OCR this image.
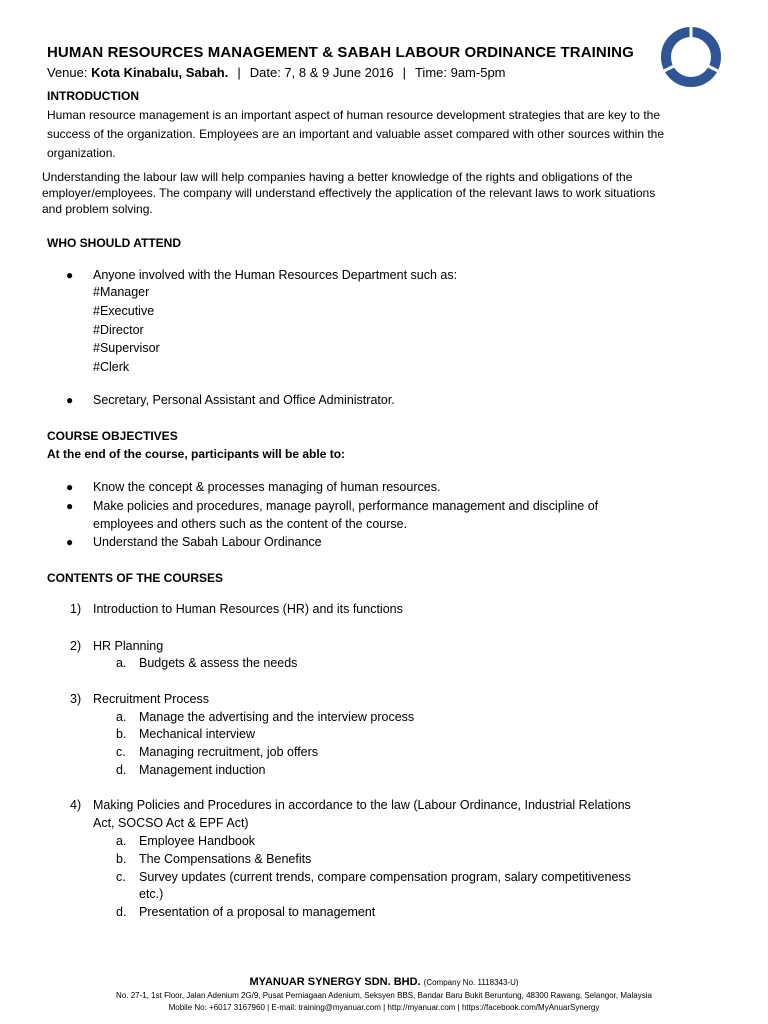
HUMAN RESOURCES MANAGEMENT & SABAH LABOUR ORDINANCE TRAINING
Venue: Kota Kinabalu, Sabah. | Date: 7, 8 & 9 June 2016 | Time: 9am-5pm
INTRODUCTION
Human resource management is an important aspect of human resource development strategies that are key to the
success of the organization. Employees are an important and valuable asset compared with other sources within the
organization.
Understanding the labour law will help companies having a better knowledge of the rights and obligations of the
employer/employees. The company will understand effectively the application of the relevant laws to work situations
and problem solving.
WHO SHOULD ATTEND
● Anyone involved with the Human Resources Department such as:
#Manager
#Executive
#Director
#Supervisor
#Clerk
● Secretary, Personal Assistant and Office Administrator.
COURSE OBJECTIVES
At the end of the course, participants will be able to:
● Know the concept & processes managing of human resources.
● Make policies and procedures, manage payroll, performance management and discipline of
employees and others such as the content of the course.
● Understand the Sabah Labour Ordinance
CONTENTS OF THE COURSES
1) Introduction to Human Resources (HR) and its functions
2) HR Planning
a. Budgets & assess the needs
3) Recruitment Process
a. Manage the advertising and the interview process
b. Mechanical interview
c. Managing recruitment, job offers
d. Management induction
4) Making Policies and Procedures in accordance to the law (Labour Ordinance, Industrial Relations
Act, SOCSO Act & EPF Act)
a. Employee Handbook
b. The Compensations & Benefits
c. Survey updates (current trends, compare compensation program, salary competitiveness
etc.)
d. Presentation of a proposal to management
MYANUAR SYNERGY SDN. BHD. (Company No. 1118343-U)
No. 27-1, 1st Floor, Jalan Adenium 2G/9, Pusat Perniagaan Adenium, Seksyen BBS, Bandar Baru Bukit Beruntung, 48300 Rawang, Selangor, Malaysia
Mobile No: +6017 3167960 | E-mail: training@myanuar.com | http://myanuar.com | https://facebook.com/MyAnuarSynergy
